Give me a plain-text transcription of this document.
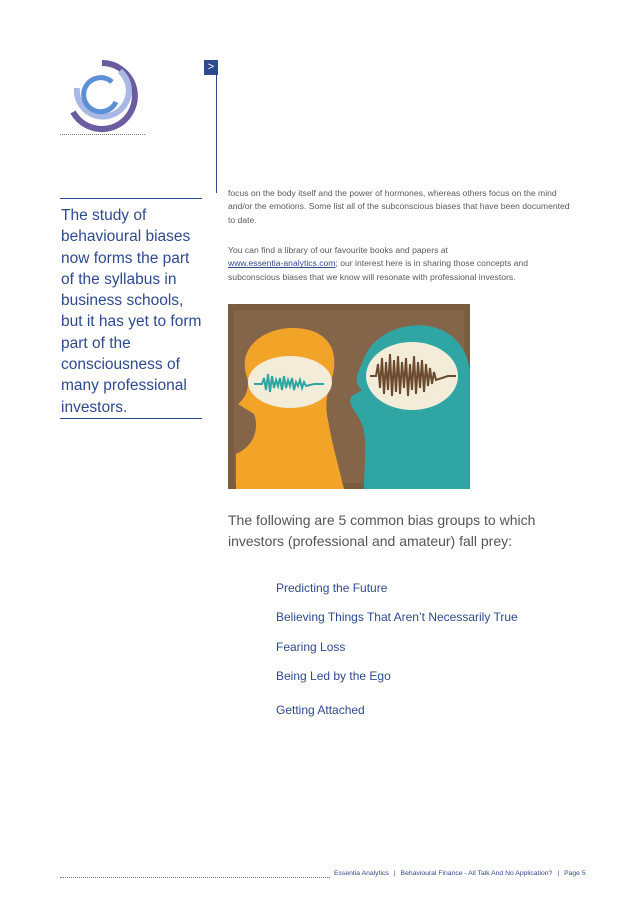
>
The study of behavioural biases now forms the part of the syllabus in business schools, but it has yet to form part of the consciousness of many professional investors.
focus on the body itself and the power of hormones, whereas others focus on the mind and/or the emotions. Some list all of the subconscious biases that have been documented to date.
You can find a library of our favourite books and papers at
www.essentia-analytics.com; our interest here is in sharing those concepts and subconscious biases that we know will resonate with professional investors.
The following are 5 common bias groups to which investors (professional and amateur) fall prey:
Predicting the Future
Believing Things That Aren’t Necessarily True
Fearing Loss
Being Led by the Ego
Getting Attached
Essentia Analytics | Behavioural Finance - All Talk And No Application? | Page 5
